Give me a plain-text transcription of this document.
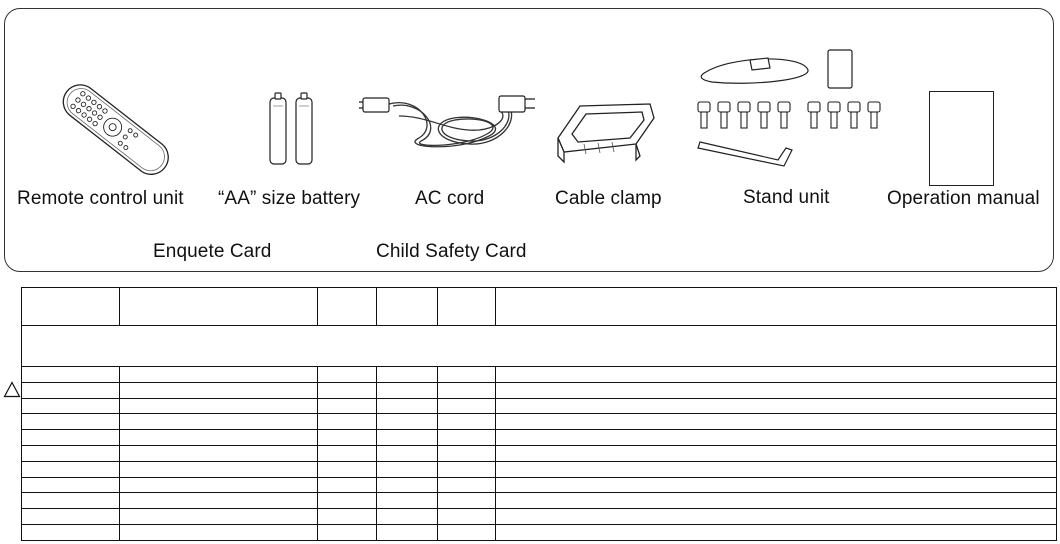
Remote control unit “AA” size battery	AC cord	Cable clamp	Stand unit	Operation manual
Enquete Card	Child Safety Card
